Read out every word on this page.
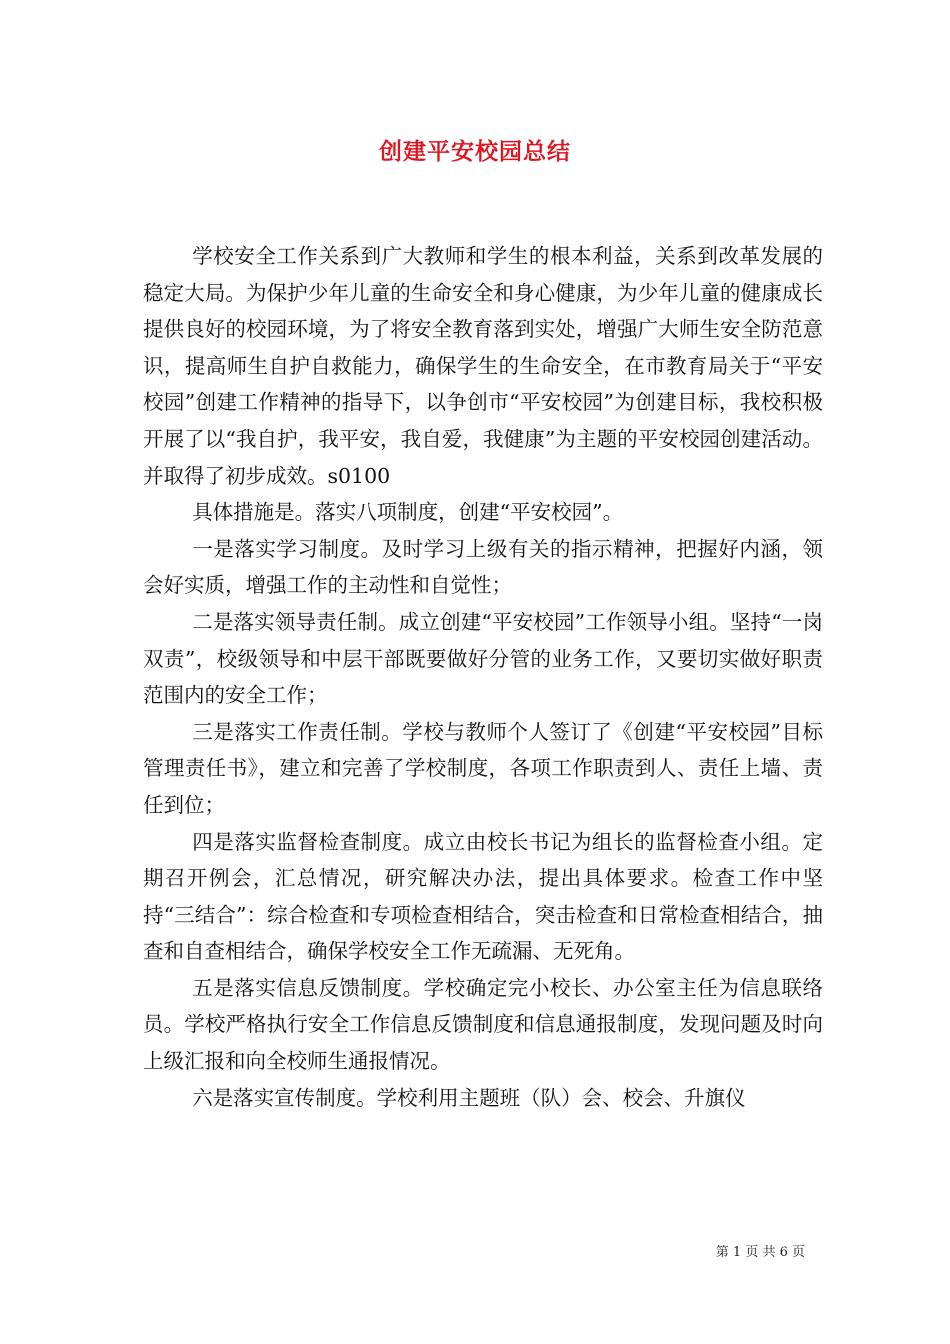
创建平安校园总结

学校安全工作关系到广大教师和学生的根本利益，关系到改革发展的稳定大局。为保护少年儿童的生命安全和身心健康，为少年儿童的健康成长提供良好的校园环境，为了将安全教育落到实处，增强广大师生安全防范意识，提高师生自护自救能力，确保学生的生命安全，在市教育局关于“平安校园”创建工作精神的指导下，以争创市“平安校园”为创建目标，我校积极开展了以“我自护，我平安，我自爱，我健康”为主题的平安校园创建活动。并取得了初步成效。s0100

具体措施是。落实八项制度，创建“平安校园”。

一是落实学习制度。及时学习上级有关的指示精神，把握好内涵，领会好实质，增强工作的主动性和自觉性；

二是落实领导责任制。成立创建“平安校园”工作领导小组。坚持“一岗双责”，校级领导和中层干部既要做好分管的业务工作，又要切实做好职责范围内的安全工作；

三是落实工作责任制。学校与教师个人签订了《创建“平安校园”目标管理责任书》，建立和完善了学校制度，各项工作职责到人、责任上墙、责任到位；

四是落实监督检查制度。成立由校长书记为组长的监督检查小组。定期召开例会，汇总情况，研究解决办法，提出具体要求。检查工作中坚持“三结合”：综合检查和专项检查相结合，突击检查和日常检查相结合，抽查和自查相结合，确保学校安全工作无疏漏、无死角。

五是落实信息反馈制度。学校确定完小校长、办公室主任为信息联络员。学校严格执行安全工作信息反馈制度和信息通报制度，发现问题及时向上级汇报和向全校师生通报情况。

六是落实宣传制度。学校利用主题班（队）会、校会、升旗仪

第 1 页 共 6 页
